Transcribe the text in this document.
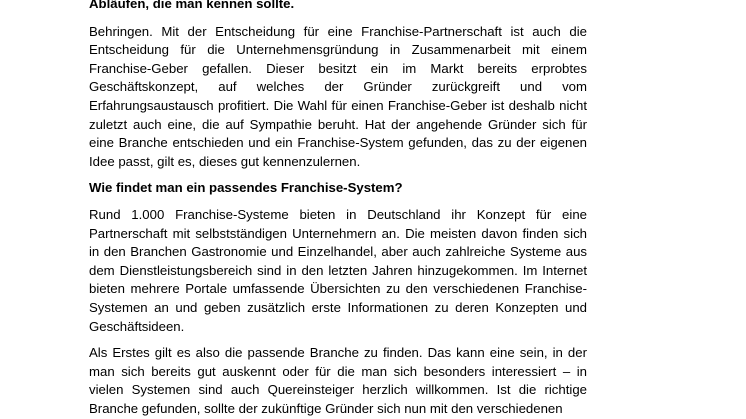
Abläufen, die man kennen sollte.

Behringen. Mit der Entscheidung für eine Franchise-Partnerschaft ist auch die Entscheidung für die Unternehmensgründung in Zusammenarbeit mit einem Franchise-Geber gefallen. Dieser besitzt ein im Markt bereits erprobtes Geschäftskonzept, auf welches der Gründer zurückgreift und vom Erfahrungsaustausch profitiert. Die Wahl für einen Franchise-Geber ist deshalb nicht zuletzt auch eine, die auf Sympathie beruht. Hat der angehende Gründer sich für eine Branche entschieden und ein Franchise-System gefunden, das zu der eigenen Idee passt, gilt es, dieses gut kennenzulernen.

Wie findet man ein passendes Franchise-System?

Rund 1.000 Franchise-Systeme bieten in Deutschland ihr Konzept für eine Partnerschaft mit selbstständigen Unternehmern an. Die meisten davon finden sich in den Branchen Gastronomie und Einzelhandel, aber auch zahlreiche Systeme aus dem Dienstleistungsbereich sind in den letzten Jahren hinzugekommen. Im Internet bieten mehrere Portale umfassende Übersichten zu den verschiedenen Franchise-Systemen an und geben zusätzlich erste Informationen zu deren Konzepten und Geschäftsideen.

Als Erstes gilt es also die passende Branche zu finden. Das kann eine sein, in der man sich bereits gut auskennt oder für die man sich besonders interessiert – in vielen Systemen sind auch Quereinsteiger herzlich willkommen. Ist die richtige Branche gefunden, sollte der zukünftige Gründer sich nun mit den verschiedenen
